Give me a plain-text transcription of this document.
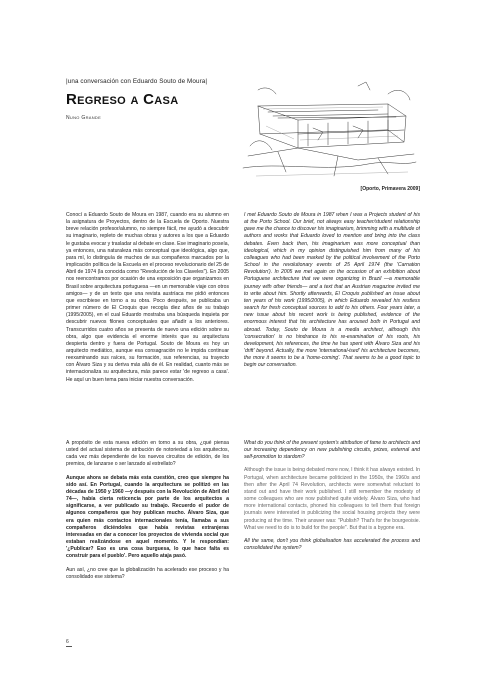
|una conversación con Eduardo Souto de Moura|
Regreso a Casa
Nuno Grande
[Oporto, Primavera 2009]

Conocí a Eduardo Souto de Moura en 1987, cuando era su alumno en la asignatura de Proyectos, dentro de la Escuela de Oporto. Nuestra breve relación profesor/alumno, no siempre fácil, me ayudó a descubrir su imaginario, repleto de muchas obras y autores a los que a Eduardo le gustaba evocar y trasladar al debate en clase. Ese imaginario poseía, ya entonces, una naturaleza más conceptual que ideológica, algo que, para mí, lo distinguía de muchos de sus compañeros marcados por la implicación política de la Escuela en el proceso revolucionario del 25 de Abril de 1974 (la conocida como "Revolución de los Claveles"). En 2005 nos reencontramos por ocasión de una exposición que organizamos en Brasil sobre arquitectura portuguesa —en un memorable viaje con otros amigos— y de un texto que una revista austríaca me pidió entonces que escribiese en torno a su obra. Poco después, se publicaba un primer número de El Croquis que recogía diez años de su trabajo (1995/2005), en el cual Eduardo mostraba una búsqueda inquieta por descubrir nuevos filones conceptuales que añadir a los anteriores. Transcurridos cuatro años se presenta de nuevo una edición sobre su obra, algo que evidencia el enorme interés que su arquitectura despierta dentro y fuera de Portugal. Souto de Moura es hoy un arquitecto mediático, aunque esa consagración no le impida continuar reexaminando sus raíces, su formación, sus referencias, su trayecto con Álvaro Siza y su deriva más allá de él. En realidad, cuanto más se internacionaliza su arquitectura, más parece estar 'de regreso a casa'. He aquí un buen tema para iniciar nuestra conversación.

I met Eduardo Souto de Moura in 1987 when I was a Projects student of his at the Porto School. Our brief, not always easy teacher/student relationship gave me the chance to discover his imaginarium, brimming with a multitude of authors and works that Eduardo loved to mention and bring into the class debates. Even back then, his imaginarium was more conceptual than ideological, which in my opinion distinguished him from many of his colleagues who had been marked by the political involvement of the Porto School in the revolutionary events of 25 April 1974 (the 'Carnation Revolution'). In 2005 we met again on the occasion of an exhibition about Portuguese architecture that we were organizing in Brazil —a memorable journey with other friends— and a text that an Austrian magazine invited me to write about him. Shortly afterwards, El Croquis published an issue about ten years of his work (1995/2005), in which Eduardo revealed his restless search for fresh conceptual sources to add to his others. Four years later, a new issue about his recent work is being published, evidence of the enormous interest that his architecture has aroused both in Portugal and abroad. Today, Souto de Moura is a media architect, although this 'consecration' is no hindrance to his re-examination of his roots, his development, his references, the time he has spent with Álvaro Siza and his 'drift' beyond. Actually, the more 'international-ised' his architecture becomes, the more it seems to be a 'home-coming'. That seems to be a good topic to begin our conversation.

A propósito de esta nueva edición en torno a su obra, ¿qué piensa usted del actual sistema de atribución de notoriedad a los arquitectos, cada vez más dependiente de los nuevos circuitos de edición, de los premios, de lanzarse o ser lanzado al estrellato?

Aunque ahora se debata más esta cuestión, creo que siempre ha sido así. En Portugal, cuando la arquitectura se politizó en las décadas de 1950 y 1960 —y después con la Revolución de Abril del 74—, había cierta reticencia por parte de los arquitectos a significarse, a ver publicado su trabajo. Recuerdo el pudor de algunos compañeros que hoy publican mucho. Álvaro Siza, que era quien más contactos internacionales tenía, llamaba a sus compañeros diciéndoles que había revistas extranjeras interesadas en dar a conocer los proyectos de vivienda social que estaban realizándose en aquel momento. Y le respondían: '¿Publicar? Eso es una cosa burguesa, lo que hace falta es construir para el pueblo'. Pero aquello ataja pasó.

Aun así, ¿no cree que la globalización ha acelerado ese proceso y ha consolidado ese sistema?

What do you think of the present system's attribution of fame to architects and our increasing dependency on new publishing circuits, prizes, external and self-promotion to stardom?

Although the issue is being debated more now, I think it has always existed. In Portugal, when architecture became politicized in the 1950s, the 1960s and then after the April 74 Revolution, architects were somewhat reluctant to stand out and have their work published. I still remember the modesty of some colleagues who are now published quite widely. Álvaro Siza, who had more international contacts, phoned his colleagues to tell them that foreign journals were interested in publicizing the social housing projects they were producing at the time. Their answer was: "Publish? That's for the bourgeoisie. What we need to do is to build for the people". But that is a bygone era.

All the same, don't you think globalisation has accelerated the process and consolidated the system?

6
